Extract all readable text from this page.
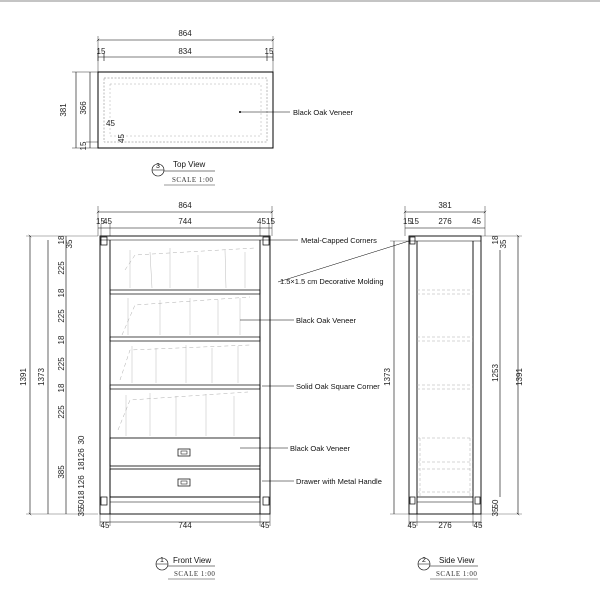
864
834
15	15
381 366
15
45
45
Black Oak Veneer
3 Top View
SCALE 1:00
864
744
15
45	45 15
1391 1373
18 35
225
18
225
18
225
18
225
30
126
18
385
126
18
50
35
45	744	45
Metal-Capped Corners
1.5×1.5 cm Decorative Molding
Black Oak Veneer
Solid Oak Square Corner
Black Oak Veneer
Drawer with Metal Handle
1 Front View
SCALE 1:00
381
276
15
15	45
1373
18 35
1253 1391
50
35
45	276	45
2 Side View
SCALE 1:00
